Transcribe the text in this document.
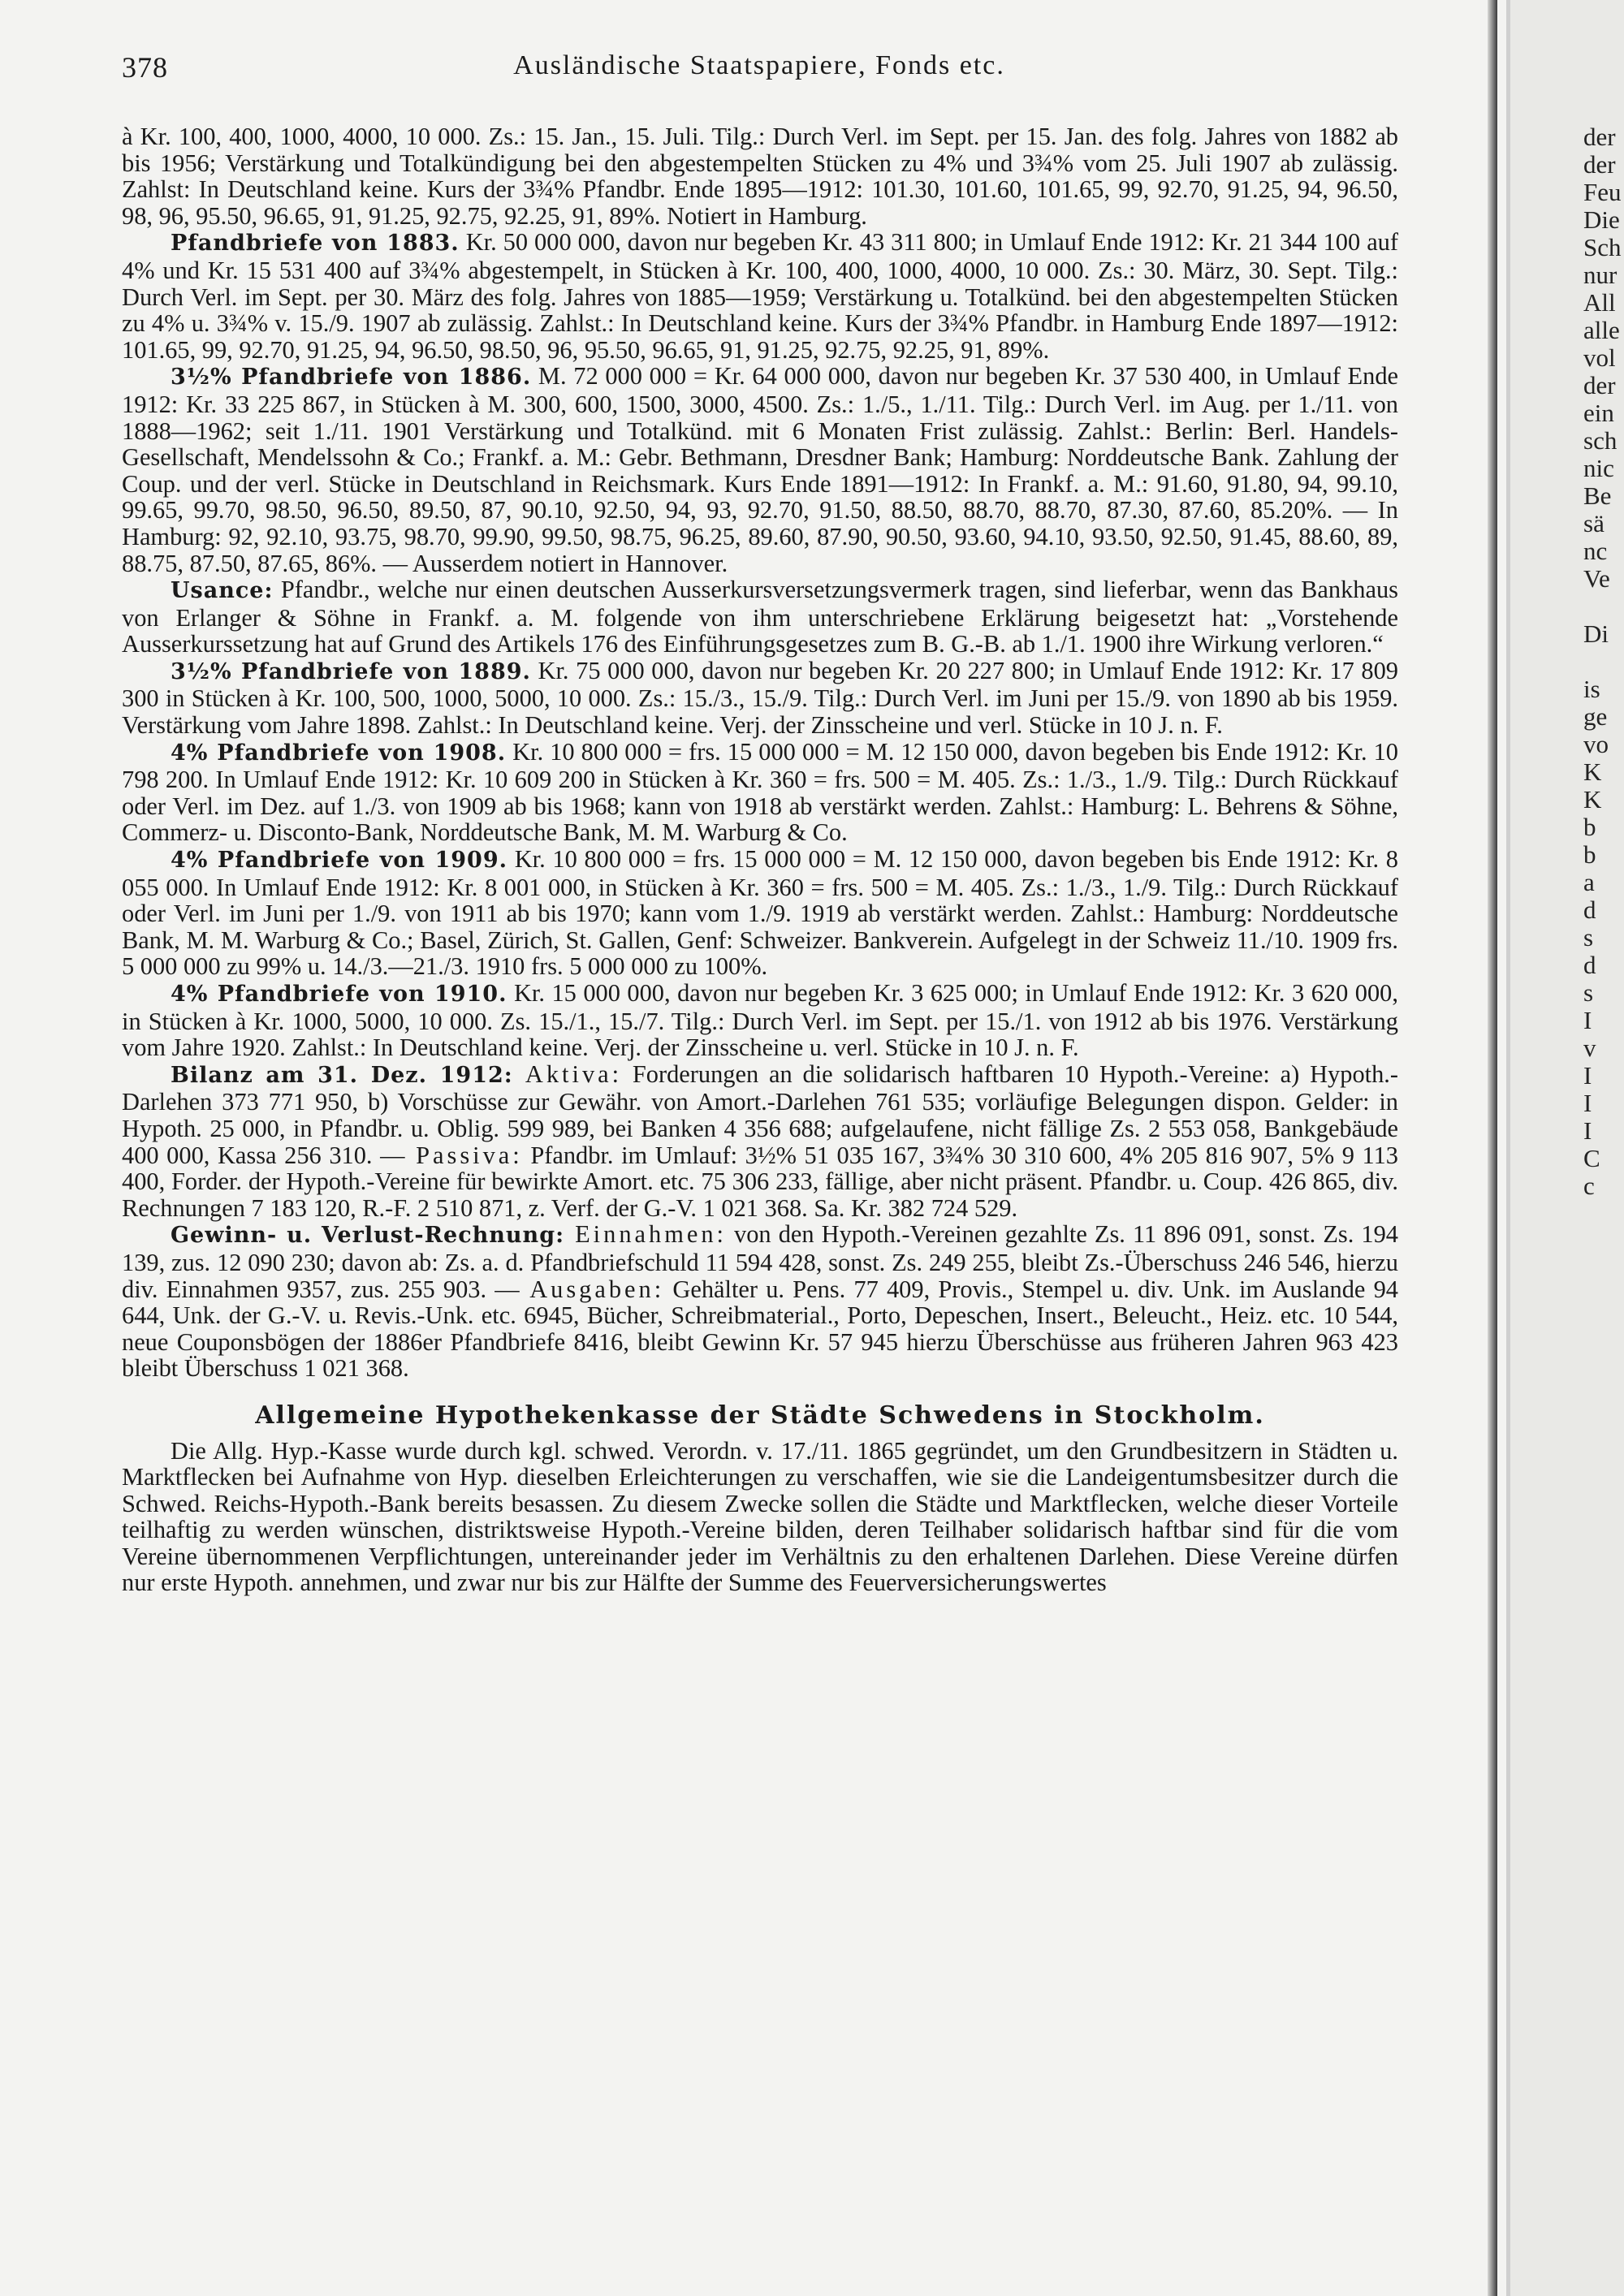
378	Ausländische Staatspapiere, Fonds etc.

à Kr. 100, 400, 1000, 4000, 10 000. Zs.: 15. Jan., 15. Juli. Tilg.: Durch Verl. im Sept. per 15. Jan. des folg. Jahres von 1882 ab bis 1956; Verstärkung und Totalkündigung bei den abgestempelten Stücken zu 4% und 3¾% vom 25. Juli 1907 ab zulässig. Zahlst: In Deutschland keine. Kurs der 3¾% Pfandbr. Ende 1895—1912: 101.30, 101.60, 101.65, 99, 92.70, 91.25, 94, 96.50, 98, 96, 95.50, 96.65, 91, 91.25, 92.75, 92.25, 91, 89%. Notiert in Hamburg.

Pfandbriefe von 1883. Kr. 50 000 000, davon nur begeben Kr. 43 311 800; in Umlauf Ende 1912: Kr. 21 344 100 auf 4% und Kr. 15 531 400 auf 3¾% abgestempelt, in Stücken à Kr. 100, 400, 1000, 4000, 10 000. Zs.: 30. März, 30. Sept. Tilg.: Durch Verl. im Sept. per 30. März des folg. Jahres von 1885—1959; Verstärkung u. Totalkünd. bei den abgestempelten Stücken zu 4% u. 3¾% v. 15./9. 1907 ab zulässig. Zahlst.: In Deutschland keine. Kurs der 3¾% Pfandbr. in Hamburg Ende 1897—1912: 101.65, 99, 92.70, 91.25, 94, 96.50, 98.50, 96, 95.50, 96.65, 91, 91.25, 92.75, 92.25, 91, 89%.

3½% Pfandbriefe von 1886. M. 72 000 000 = Kr. 64 000 000, davon nur begeben Kr. 37 530 400, in Umlauf Ende 1912: Kr. 33 225 867, in Stücken à M. 300, 600, 1500, 3000, 4500. Zs.: 1./5., 1./11. Tilg.: Durch Verl. im Aug. per 1./11. von 1888—1962; seit 1./11. 1901 Verstärkung und Totalkünd. mit 6 Monaten Frist zulässig. Zahlst.: Berlin: Berl. Handels-Gesellschaft, Mendelssohn & Co.; Frankf. a. M.: Gebr. Bethmann, Dresdner Bank; Hamburg: Norddeutsche Bank. Zahlung der Coup. und der verl. Stücke in Deutschland in Reichsmark. Kurs Ende 1891—1912: In Frankf. a. M.: 91.60, 91.80, 94, 99.10, 99.65, 99.70, 98.50, 96.50, 89.50, 87, 90.10, 92.50, 94, 93, 92.70, 91.50, 88.50, 88.70, 88.70, 87.30, 87.60, 85.20%. — In Hamburg: 92, 92.10, 93.75, 98.70, 99.90, 99.50, 98.75, 96.25, 89.60, 87.90, 90.50, 93.60, 94.10, 93.50, 92.50, 91.45, 88.60, 89, 88.75, 87.50, 87.65, 86%. — Ausserdem notiert in Hannover.

Usance: Pfandbr., welche nur einen deutschen Ausserkursversetzungsvermerk tragen, sind lieferbar, wenn das Bankhaus von Erlanger & Söhne in Frankf. a. M. folgende von ihm unterschriebene Erklärung beigesetzt hat: „Vorstehende Ausserkurssetzung hat auf Grund des Artikels 176 des Einführungsgesetzes zum B. G.-B. ab 1./1. 1900 ihre Wirkung verloren.“

3½% Pfandbriefe von 1889. Kr. 75 000 000, davon nur begeben Kr. 20 227 800; in Umlauf Ende 1912: Kr. 17 809 300 in Stücken à Kr. 100, 500, 1000, 5000, 10 000. Zs.: 15./3., 15./9. Tilg.: Durch Verl. im Juni per 15./9. von 1890 ab bis 1959. Verstärkung vom Jahre 1898. Zahlst.: In Deutschland keine. Verj. der Zinsscheine und verl. Stücke in 10 J. n. F.

4% Pfandbriefe von 1908. Kr. 10 800 000 = frs. 15 000 000 = M. 12 150 000, davon begeben bis Ende 1912: Kr. 10 798 200. In Umlauf Ende 1912: Kr. 10 609 200 in Stücken à Kr. 360 = frs. 500 = M. 405. Zs.: 1./3., 1./9. Tilg.: Durch Rückkauf oder Verl. im Dez. auf 1./3. von 1909 ab bis 1968; kann von 1918 ab verstärkt werden. Zahlst.: Hamburg: L. Behrens & Söhne, Commerz- u. Disconto-Bank, Norddeutsche Bank, M. M. Warburg & Co.

4% Pfandbriefe von 1909. Kr. 10 800 000 = frs. 15 000 000 = M. 12 150 000, davon begeben bis Ende 1912: Kr. 8 055 000. In Umlauf Ende 1912: Kr. 8 001 000, in Stücken à Kr. 360 = frs. 500 = M. 405. Zs.: 1./3., 1./9. Tilg.: Durch Rückkauf oder Verl. im Juni per 1./9. von 1911 ab bis 1970; kann vom 1./9. 1919 ab verstärkt werden. Zahlst.: Hamburg: Norddeutsche Bank, M. M. Warburg & Co.; Basel, Zürich, St. Gallen, Genf: Schweizer. Bankverein. Aufgelegt in der Schweiz 11./10. 1909 frs. 5 000 000 zu 99% u. 14./3.—21./3. 1910 frs. 5 000 000 zu 100%.

4% Pfandbriefe von 1910. Kr. 15 000 000, davon nur begeben Kr. 3 625 000; in Umlauf Ende 1912: Kr. 3 620 000, in Stücken à Kr. 1000, 5000, 10 000. Zs. 15./1., 15./7. Tilg.: Durch Verl. im Sept. per 15./1. von 1912 ab bis 1976. Verstärkung vom Jahre 1920. Zahlst.: In Deutschland keine. Verj. der Zinsscheine u. verl. Stücke in 10 J. n. F.

Bilanz am 31. Dez. 1912: Aktiva: Forderungen an die solidarisch haftbaren 10 Hypoth.-Vereine: a) Hypoth.-Darlehen 373 771 950, b) Vorschüsse zur Gewähr. von Amort.-Darlehen 761 535; vorläufige Belegungen dispon. Gelder: in Hypoth. 25 000, in Pfandbr. u. Oblig. 599 989, bei Banken 4 356 688; aufgelaufene, nicht fällige Zs. 2 553 058, Bankgebäude 400 000, Kassa 256 310. — Passiva: Pfandbr. im Umlauf: 3½% 51 035 167, 3¾% 30 310 600, 4% 205 816 907, 5% 9 113 400, Forder. der Hypoth.-Vereine für bewirkte Amort. etc. 75 306 233, fällige, aber nicht präsent. Pfandbr. u. Coup. 426 865, div. Rechnungen 7 183 120, R.-F. 2 510 871, z. Verf. der G.-V. 1 021 368. Sa. Kr. 382 724 529.

Gewinn- u. Verlust-Rechnung: Einnahmen: von den Hypoth.-Vereinen gezahlte Zs. 11 896 091, sonst. Zs. 194 139, zus. 12 090 230; davon ab: Zs. a. d. Pfandbriefschuld 11 594 428, sonst. Zs. 249 255, bleibt Zs.-Überschuss 246 546, hierzu div. Einnahmen 9357, zus. 255 903. — Ausgaben: Gehälter u. Pens. 77 409, Provis., Stempel u. div. Unk. im Auslande 94 644, Unk. der G.-V. u. Revis.-Unk. etc. 6945, Bücher, Schreibmaterial., Porto, Depeschen, Insert., Beleucht., Heiz. etc. 10 544, neue Couponsbögen der 1886er Pfandbriefe 8416, bleibt Gewinn Kr. 57 945 hierzu Überschüsse aus früheren Jahren 963 423 bleibt Überschuss 1 021 368.

Allgemeine Hypothekenkasse der Städte Schwedens in Stockholm.

Die Allg. Hyp.-Kasse wurde durch kgl. schwed. Verordn. v. 17./11. 1865 gegründet, um den Grundbesitzern in Städten u. Marktflecken bei Aufnahme von Hyp. dieselben Erleichterungen zu verschaffen, wie sie die Landeigentumsbesitzer durch die Schwed. Reichs-Hypoth.-Bank bereits besassen. Zu diesem Zwecke sollen die Städte und Marktflecken, welche dieser Vorteile teilhaftig zu werden wünschen, distriktsweise Hypoth.-Vereine bilden, deren Teilhaber solidarisch haftbar sind für die vom Vereine übernommenen Verpflichtungen, untereinander jeder im Verhältnis zu den erhaltenen Darlehen. Diese Vereine dürfen nur erste Hypoth. annehmen, und zwar nur bis zur Hälfte der Summe des Feuerversicherungswertes

der
der
Feu
Die
Sch
nur
All
alle
vol
der
ein
sch
nic
Be
sä
nc
Ve
Di
is
ge
vo
K
K
b
b
a
d
s
d
s
I
v
I
I
I
C
c
